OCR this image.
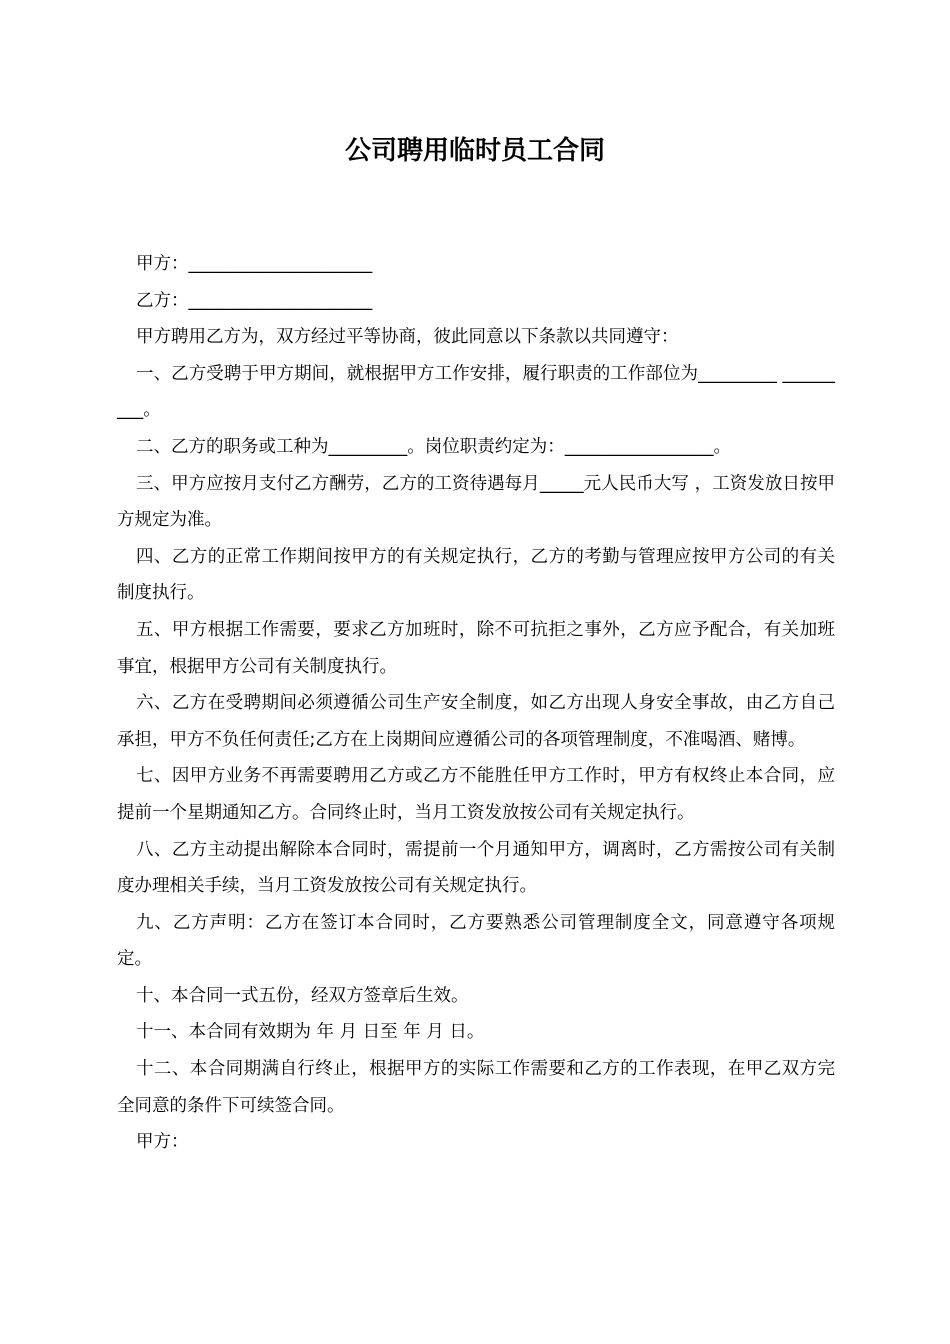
公司聘用临时员工合同

甲方：_____________________

乙方：_____________________

甲方聘用乙方为，双方经过平等协商，彼此同意以下条款以共同遵守：

一、乙方受聘于甲方期间，就根据甲方工作安排，履行职责的工作部位为_________ _________。

二、乙方的职务或工种为_________。岗位职责约定为：_________________。

三、甲方应按月支付乙方酬劳，乙方的工资待遇每月_____元人民币大写 ，工资发放日按甲方规定为准。

四、乙方的正常工作期间按甲方的有关规定执行，乙方的考勤与管理应按甲方公司的有关制度执行。

五、甲方根据工作需要，要求乙方加班时，除不可抗拒之事外，乙方应予配合，有关加班事宜，根据甲方公司有关制度执行。

六、乙方在受聘期间必须遵循公司生产安全制度，如乙方出现人身安全事故，由乙方自己承担，甲方不负任何责任;乙方在上岗期间应遵循公司的各项管理制度，不准喝酒、赌博。

七、因甲方业务不再需要聘用乙方或乙方不能胜任甲方工作时，甲方有权终止本合同，应提前一个星期通知乙方。合同终止时，当月工资发放按公司有关规定执行。

八、乙方主动提出解除本合同时，需提前一个月通知甲方，调离时，乙方需按公司有关制度办理相关手续，当月工资发放按公司有关规定执行。

九、乙方声明：乙方在签订本合同时，乙方要熟悉公司管理制度全文，同意遵守各项规定。

十、本合同一式五份，经双方签章后生效。

十一、本合同有效期为 年 月 日至 年 月 日。

十二、本合同期满自行终止，根据甲方的实际工作需要和乙方的工作表现，在甲乙双方完全同意的条件下可续签合同。

甲方：
